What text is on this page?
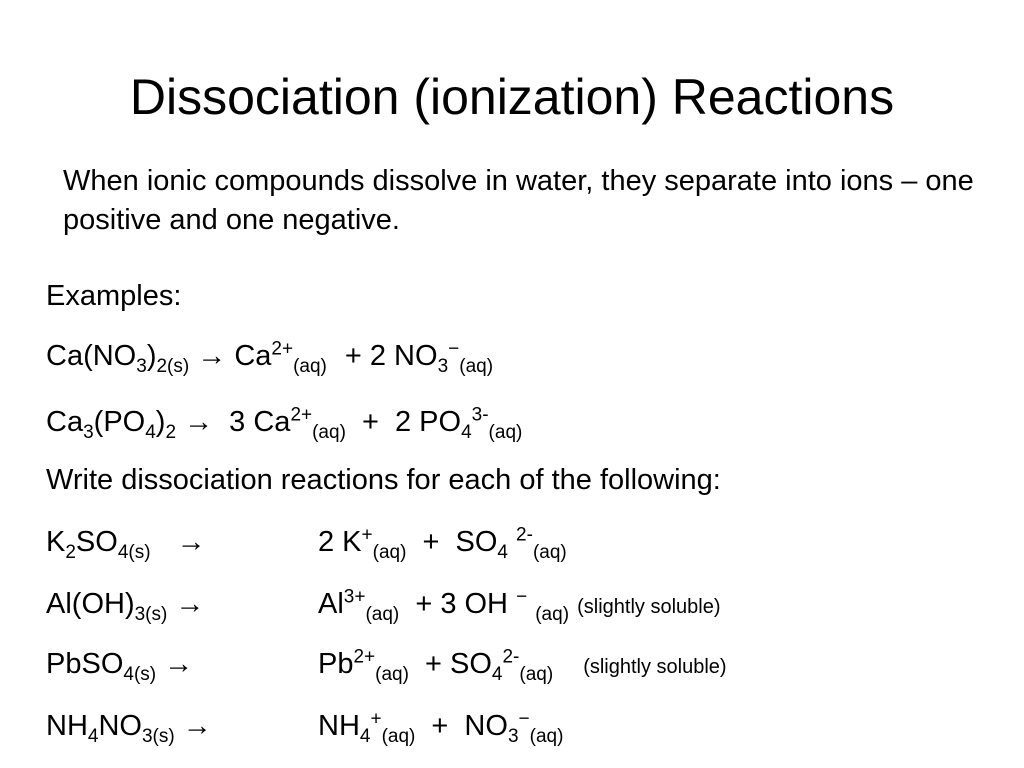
Dissociation (ionization) Reactions
When ionic compounds dissolve in water, they separate into ions – one positive and one negative.
Examples:
$Ca(NO_3)_{2(s)} \to Ca^{2+}_{(aq)} + 2$ $NO_3^-_{(aq)}$
$Ca_3(PO_4)_2 \to 3$ $Ca^{2+}_{(aq)} + 2$ $PO_4^{3-}_{(aq)}$
Write dissociation reactions for each of the following:
$K_2SO_{4(s)}$ →	2 $K^+_{(aq)} + SO_4$ $^{2-}_{(aq)}$
$Al(OH)_{3(s)}$ →	$Al^{3+}_{(aq)} + 3$ OH − $_{(aq)}$ (slightly soluble)
PbSO$_{4(s)}$ →	$Pb^{2+}_{(aq)} + SO_4^{2-}_{(aq)}$ (slightly soluble)
$NH_4NO_{3(s)}$ →	$NH_4^+_{(aq)} + NO_3^-_{(aq)}$
